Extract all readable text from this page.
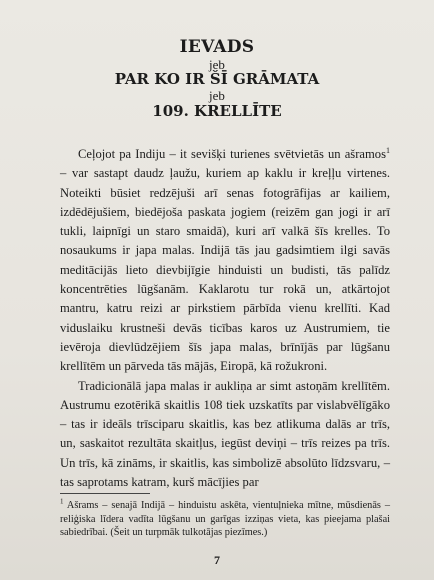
IEVADS
jeb
PAR KO IR ŠĪ GRĀMATA
jeb
109. KRELLĪTE

Ceļojot pa Indiju – it sevišķi turienes svētvietās un ašramos$^1$ – var sastapt daudz ļaužu, kuriem ap kaklu ir kreļļu virtenes. Noteikti būsiet redzējuši arī senas fotogrāfijas ar kailiem, izdēdējušiem, biedējoša paskata jogiem (reizēm gan jogi ir arī tukli, laipnīgi un staro smaidā), kuri arī valkā šīs krelles. To nosaukums ir japa malas. Indijā tās jau gadsimtiem ilgi savās meditācijās lieto dievbijīgie hinduisti un budisti, tās palīdz koncentrēties lūgšanām. Kaklarotu tur rokā un, atkārtojot mantru, katru reizi ar pirkstiem pārbīda vienu krellīti. Kad viduslaiku krustneši devās ticības karos uz Austrumiem, tie ievēroja dievlūdzējiem šīs japa malas, brīnījās par lūgšanu krellītēm un pārveda tās mājās, Eiropā, kā rožukroni.

Tradicionālā japa malas ir aukliņa ar simt astoņām krellītēm. Austrumu ezotērikā skaitlis 108 tiek uzskatīts par vislabvēlīgāko – tas ir ideāls trīsciparu skaitlis, kas bez atlikuma dalās ar trīs, un, saskaitot rezultāta skaitļus, iegūst deviņi – trīs reizes pa trīs. Un trīs, kā zināms, ir skaitlis, kas simbolizē absolūto līdzsvaru, – tas saprotams katram, kurš mācījies par

$^1$ Ašrams – senajā Indijā – hinduistu askēta, vientuļnieka mītne, mūsdienās – reliģiska līdera vadīta lūgšanu un garīgas izziņas vieta, kas pieejama plašai sabiedrībai. (Šeit un turpmāk tulkotājas piezīmes.)

7
